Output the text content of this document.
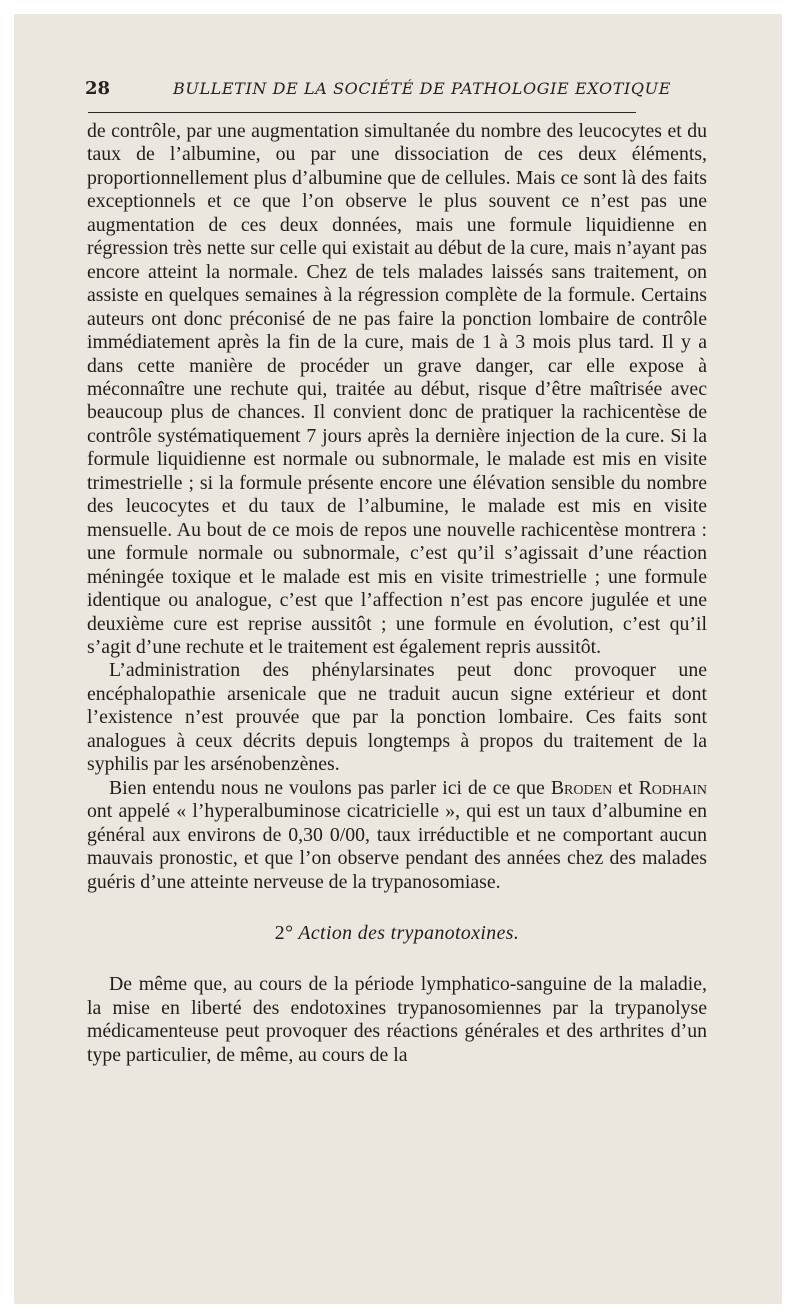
28	BULLETIN DE LA SOCIÉTÉ DE PATHOLOGIE EXOTIQUE

de contrôle, par une augmentation simultanée du nombre des leucocytes et du taux de l’albumine, ou par une dissociation de ces deux éléments, proportionnellement plus d’albumine que de cellules. Mais ce sont là des faits exceptionnels et ce que l’on observe le plus souvent ce n’est pas une augmentation de ces deux données, mais une formule liquidienne en régression très nette sur celle qui existait au début de la cure, mais n’ayant pas encore atteint la normale. Chez de tels malades laissés sans traitement, on assiste en quelques semaines à la régression complète de la formule. Certains auteurs ont donc préconisé de ne pas faire la ponction lombaire de contrôle immédiatement après la fin de la cure, mais de 1 à 3 mois plus tard. Il y a dans cette manière de procéder un grave danger, car elle expose à méconnaître une rechute qui, traitée au début, risque d’être maîtrisée avec beaucoup plus de chances. Il convient donc de pratiquer la rachicentèse de contrôle systématiquement 7 jours après la dernière injection de la cure. Si la formule liquidienne est normale ou subnormale, le malade est mis en visite trimestrielle ; si la formule présente encore une élévation sensible du nombre des leucocytes et du taux de l’albumine, le malade est mis en visite mensuelle. Au bout de ce mois de repos une nouvelle rachicentèse montrera : une formule normale ou subnormale, c’est qu’il s’agissait d’une réaction méningée toxique et le malade est mis en visite trimestrielle ; une formule identique ou analogue, c’est que l’affection n’est pas encore jugulée et une deuxième cure est reprise aussitôt ; une formule en évolution, c’est qu’il s’agit d’une rechute et le traitement est également repris aussitôt.

L’administration des phénylarsinates peut donc provoquer une encéphalopathie arsenicale que ne traduit aucun signe extérieur et dont l’existence n’est prouvée que par la ponction lombaire. Ces faits sont analogues à ceux décrits depuis longtemps à propos du traitement de la syphilis par les arsénobenzènes.

Bien entendu nous ne voulons pas parler ici de ce que Broden et Rodhain ont appelé « l’hyperalbuminose cicatricielle », qui est un taux d’albumine en général aux environs de 0,30 0/00, taux irréductible et ne comportant aucun mauvais pronostic, et que l’on observe pendant des années chez des malades guéris d’une atteinte nerveuse de la trypanosomiase.

2° Action des trypanotoxines.

De même que, au cours de la période lymphatico-sanguine de la maladie, la mise en liberté des endotoxines trypanosomiennes par la trypanolyse médicamenteuse peut provoquer des réactions générales et des arthrites d’un type particulier, de même, au cours de la
